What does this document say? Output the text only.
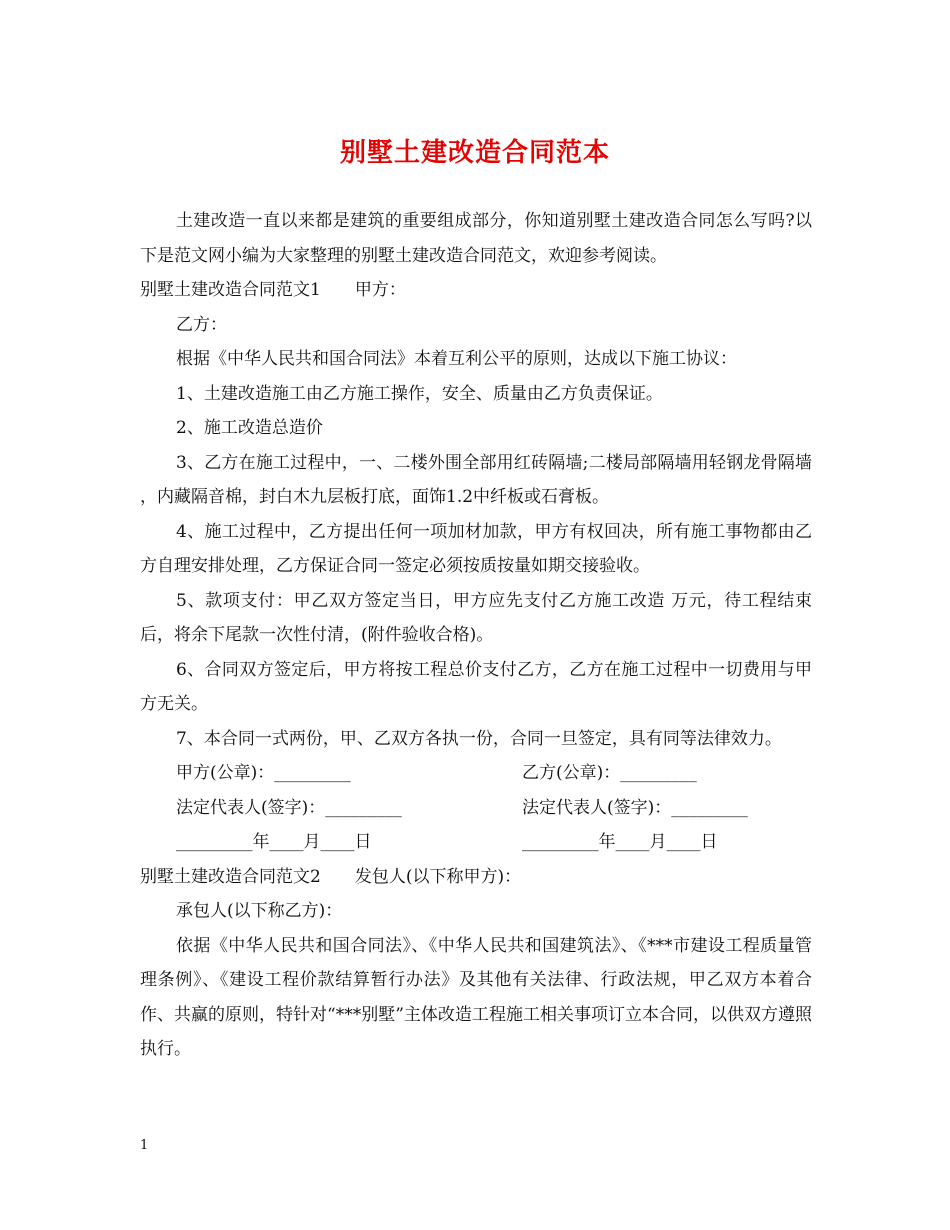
别墅土建改造合同范本

土建改造一直以来都是建筑的重要组成部分，你知道别墅土建改造合同怎么写吗?以下是范文网小编为大家整理的别墅土建改造合同范文，欢迎参考阅读。

别墅土建改造合同范文1　　甲方：

乙方：

根据《中华人民共和国合同法》本着互利公平的原则，达成以下施工协议：

1、土建改造施工由乙方施工操作，安全、质量由乙方负责保证。

2、施工改造总造价

3、乙方在施工过程中，一、二楼外围全部用红砖隔墙;二楼局部隔墙用轻钢龙骨隔墙 ，内藏隔音棉，封白木九层板打底，面饰1.2中纤板或石膏板。

4、施工过程中，乙方提出任何一项加材加款，甲方有权回决，所有施工事物都由乙方自理安排处理，乙方保证合同一签定必须按质按量如期交接验收。

5、款项支付：甲乙双方签定当日，甲方应先支付乙方施工改造 万元，待工程结束后，将余下尾款一次性付清，(附件验收合格)。

6、合同双方签定后，甲方将按工程总价支付乙方，乙方在施工过程中一切费用与甲方无关。

7、本合同一式两份，甲、乙双方各执一份，合同一旦签定，具有同等法律效力。

甲方(公章)：_________	乙方(公章)：_________
法定代表人(签字)：_________	法定代表人(签字)：_________
_________年____月____日	_________年____月____日

别墅土建改造合同范文2　　发包人(以下称甲方)：

承包人(以下称乙方)：

依据《中华人民共和国合同法》、《中华人民共和国建筑法》、《***市建设工程质量管理条例》、《建设工程价款结算暂行办法》及其他有关法律、行政法规，甲乙双方本着合作、共赢的原则，特针对“***别墅”主体改造工程施工相关事项订立本合同，以供双方遵照执行。

1
